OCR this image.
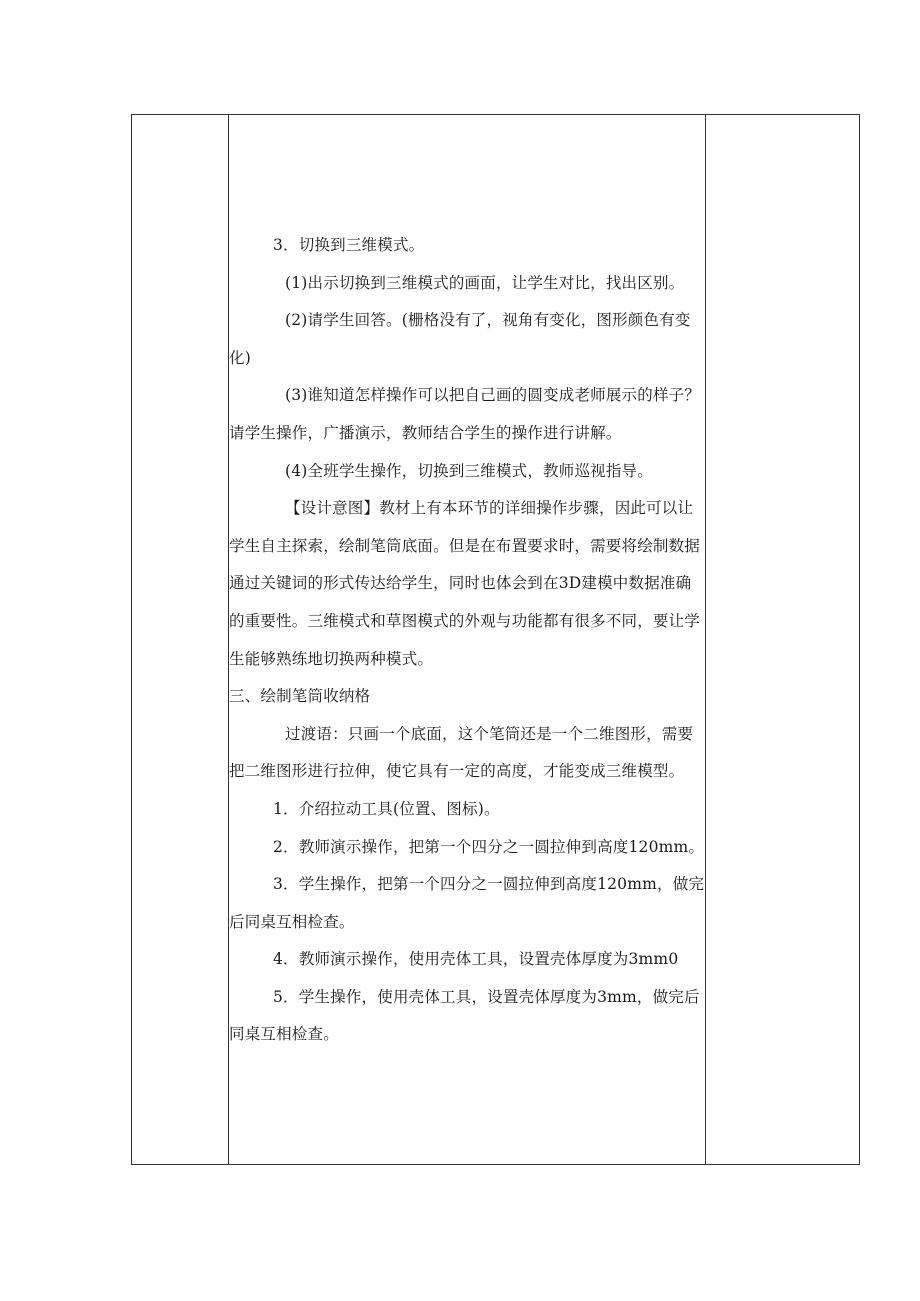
3．切换到三维模式。

(1)出示切换到三维模式的画面，让学生对比，找出区别。

(2)请学生回答。(栅格没有了，视角有变化，图形颜色有变化)

(3)谁知道怎样操作可以把自己画的圆变成老师展示的样子？请学生操作，广播演示，教师结合学生的操作进行讲解。

(4)全班学生操作，切换到三维模式，教师巡视指导。

【设计意图】教材上有本环节的详细操作步骤，因此可以让学生自主探索，绘制笔筒底面。但是在布置要求时，需要将绘制数据通过关键词的形式传达给学生，同时也体会到在3D建模中数据准确的重要性。三维模式和草图模式的外观与功能都有很多不同，要让学生能够熟练地切换两种模式。

三、绘制笔筒收纳格

过渡语：只画一个底面，这个笔筒还是一个二维图形，需要把二维图形进行拉伸，使它具有一定的高度，才能变成三维模型。

1．介绍拉动工具(位置、图标)。

2．教师演示操作，把第一个四分之一圆拉伸到高度120mm。

3．学生操作，把第一个四分之一圆拉伸到高度120mm，做完后同桌互相检查。

4．教师演示操作，使用壳体工具，设置壳体厚度为3mm0

5．学生操作，使用壳体工具，设置壳体厚度为3mm，做完后同桌互相检查。
